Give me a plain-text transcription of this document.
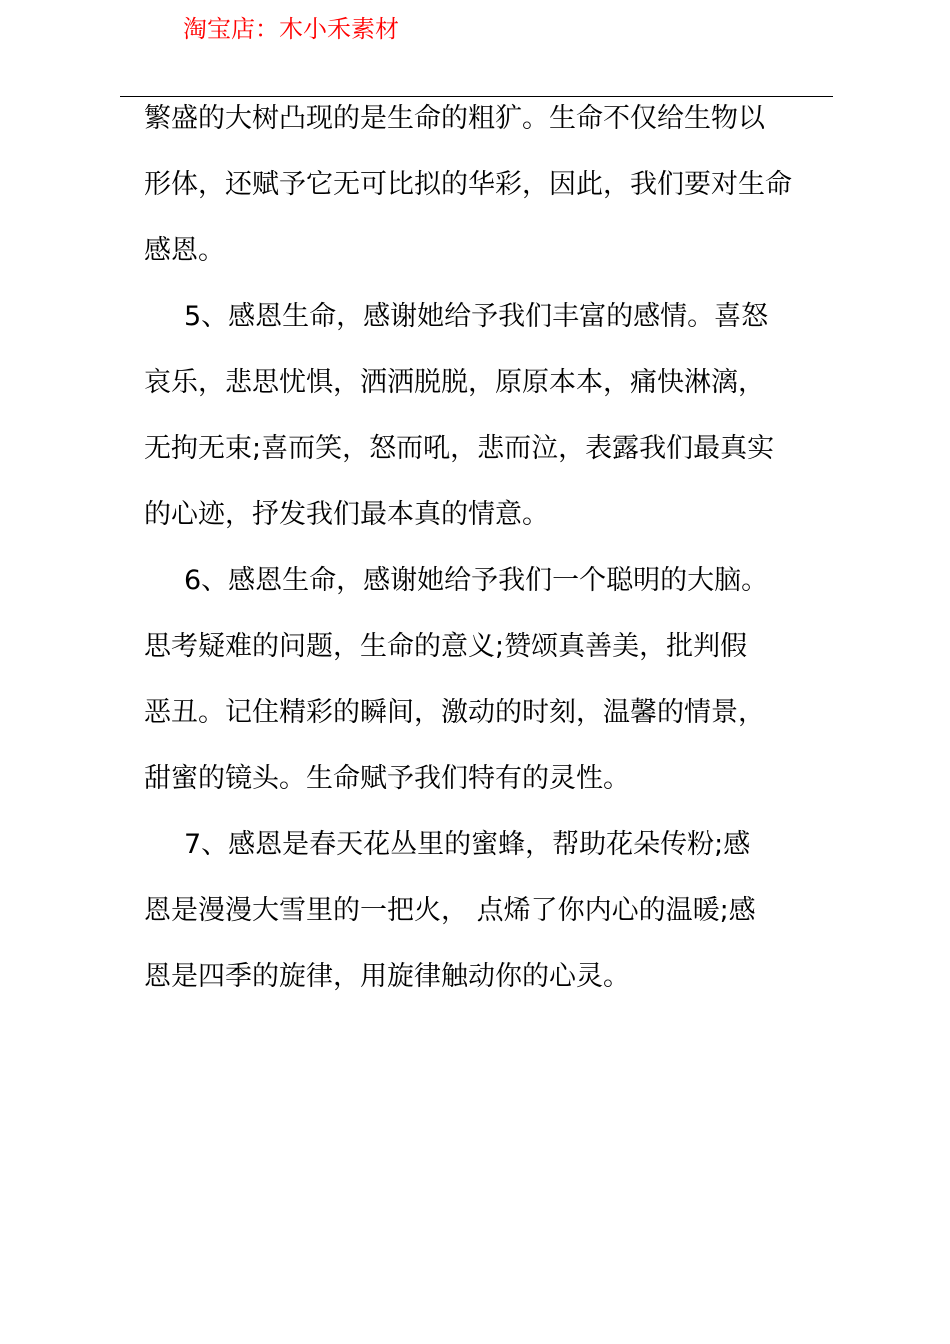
淘宝店：木小禾素材
繁盛的大树凸现的是生命的粗犷。生命不仅给生物以
形体，还赋予它无可比拟的华彩，因此，我们要对生命
感恩。
5、感恩生命，感谢她给予我们丰富的感情。喜怒
哀乐，悲思忧惧，洒洒脱脱，原原本本，痛快淋漓，
无拘无束;喜而笑，怒而吼，悲而泣，表露我们最真实
的心迹，抒发我们最本真的情意。
6、感恩生命，感谢她给予我们一个聪明的大脑。
思考疑难的问题，生命的意义;赞颂真善美，批判假
恶丑。记住精彩的瞬间，激动的时刻，温馨的情景，
甜蜜的镜头。生命赋予我们特有的灵性。
7、感恩是春天花丛里的蜜蜂，帮助花朵传粉;感
恩是漫漫大雪里的一把火， 点烯了你内心的温暖;感
恩是四季的旋律，用旋律触动你的心灵。
